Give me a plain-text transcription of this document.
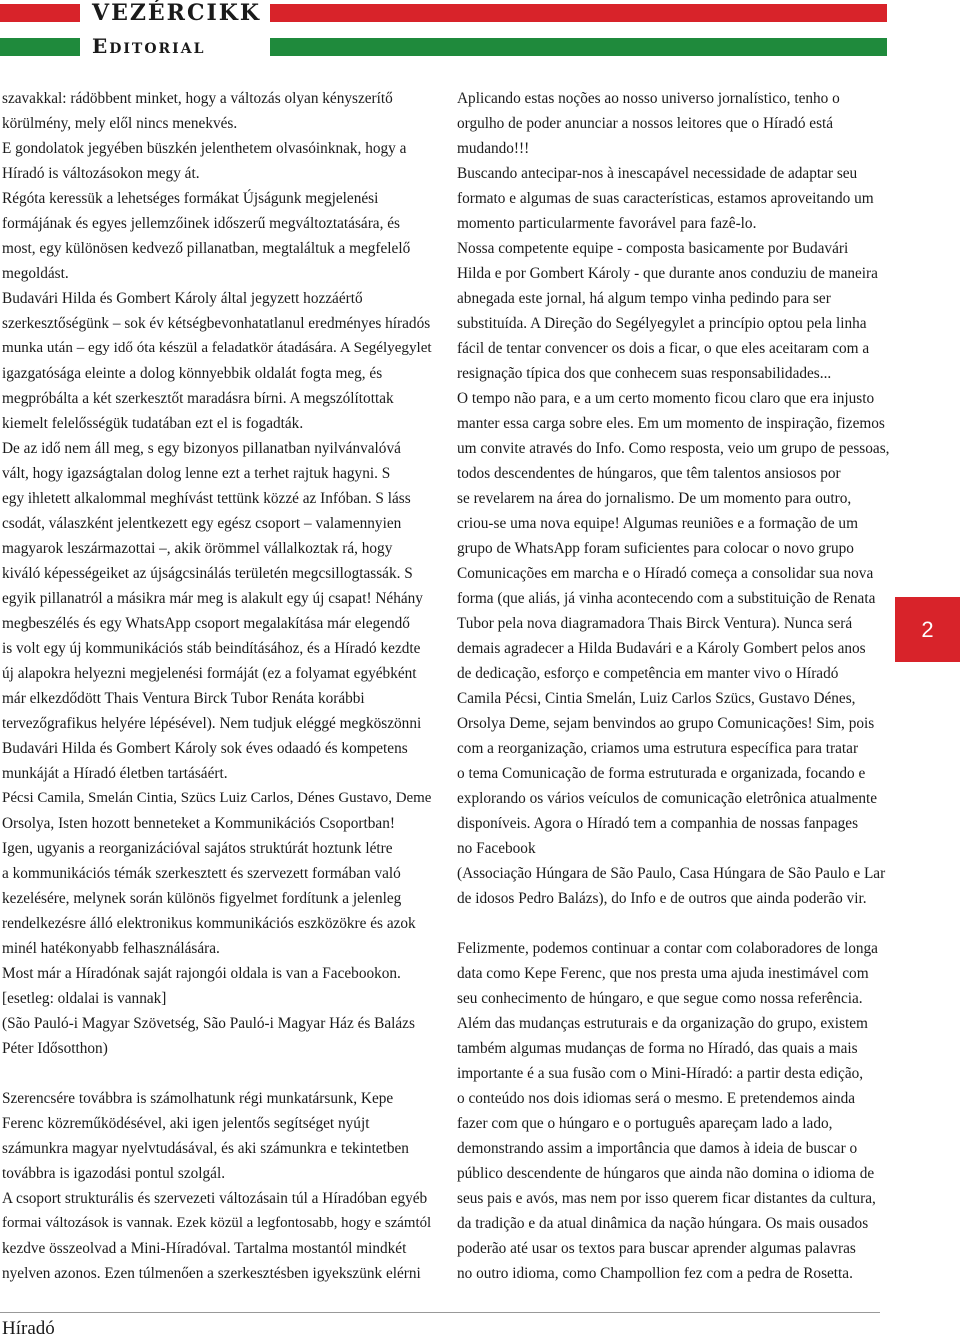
VEZÉRCIKK
Editorial
szavakkal: rádöbbent minket, hogy a változás olyan kényszerítő
körülmény, mely elől nincs menekvés.
E gondolatok jegyében büszkén jelenthetem olvasóinknak, hogy a
Híradó is változásokon megy át.
Régóta keressük a lehetséges formákat Újságunk megjelenési
formájának és egyes jellemzőinek időszerű megváltoztatására, és
most, egy különösen kedvező pillanatban, megtaláltuk a megfelelő
megoldást.
Budavári Hilda és Gombert Károly által jegyzett hozzáértő
szerkesztőségünk – sok év kétségbevonhatatlanul eredményes híradós
munka után – egy idő óta készül a feladatkör átadására. A Segélyegylet
igazgatósága eleinte a dolog könnyebbik oldalát fogta meg, és
megpróbálta a két szerkesztőt maradásra bírni. A megszólítottak
kiemelt felelősségük tudatában ezt el is fogadták.
De az idő nem áll meg, s egy bizonyos pillanatban nyilvánvalóvá
vált, hogy igazságtalan dolog lenne ezt a terhet rajtuk hagyni. S
egy ihletett alkalommal meghívást tettünk közzé az Infóban. S láss
csodát, válaszként jelentkezett egy egész csoport – valamennyien
magyarok leszármazottai –, akik örömmel vállalkoztak rá, hogy
kiváló képességeiket az újságcsinálás területén megcsillogtassák. S
egyik pillanatról a másikra már meg is alakult egy új csapat! Néhány
megbeszélés és egy WhatsApp csoport megalakítása már elegendő
is volt egy új kommunikációs stáb beindításához, és a Híradó kezdte
új alapokra helyezni megjelenési formáját (ez a folyamat egyébként
már elkezdődött Thais Ventura Birck Tubor Renáta korábbi
tervezőgrafikus helyére lépésével). Nem tudjuk eléggé megköszönni
Budavári Hilda és Gombert Károly sok éves odaadó és kompetens
munkáját a Híradó életben tartásáért.
Pécsi Camila, Smelán Cintia, Szücs Luiz Carlos, Dénes Gustavo, Deme
Orsolya, Isten hozott benneteket a Kommunikációs Csoportban!
Igen, ugyanis a reorganizációval sajátos struktúrát hoztunk létre
a kommunikációs témák szerkesztett és szervezett formában való
kezelésére, melynek során különös figyelmet fordítunk a jelenleg
rendelkezésre álló elektronikus kommunikációs eszközökre és azok
minél hatékonyabb felhasználására.
Most már a Híradónak saját rajongói oldala is van a Facebookon.
[esetleg: oldalai is vannak]
(São Pauló-i Magyar Szövetség, São Pauló-i Magyar Ház és Balázs
Péter Idősotthon)
Szerencsére továbbra is számolhatunk régi munkatársunk, Kepe
Ferenc közreműködésével, aki igen jelentős segítséget nyújt
számunkra magyar nyelvtudásával, és aki számunkra e tekintetben
továbbra is igazodási pontul szolgál.
A csoport strukturális és szervezeti változásain túl a Híradóban egyéb
formai változások is vannak. Ezek közül a legfontosabb, hogy e számtól
kezdve összeolvad a Mini-Híradóval. Tartalma mostantól mindkét
nyelven azonos. Ezen túlmenően a szerkesztésben igyekszünk elérni
Aplicando estas noções ao nosso universo jornalístico, tenho o
orgulho de poder anunciar a nossos leitores que o Híradó está
mudando!!!
Buscando antecipar-nos à inescapável necessidade de adaptar seu
formato e algumas de suas características, estamos aproveitando um
momento particularmente favorável para fazê-lo.
Nossa competente equipe - composta basicamente por Budavári
Hilda e por Gombert Károly - que durante anos conduziu de maneira
abnegada este jornal, há algum tempo vinha pedindo para ser
substituída. A Direção do Segélyegylet a princípio optou pela linha
fácil de tentar convencer os dois a ficar, o que eles aceitaram com a
resignação típica dos que conhecem suas responsabilidades...
O tempo não para, e a um certo momento ficou claro que era injusto
manter essa carga sobre eles. Em um momento de inspiração, fizemos
um convite através do Info. Como resposta, veio um grupo de pessoas,
todos descendentes de húngaros, que têm talentos ansiosos por
se revelarem na área do jornalismo. De um momento para outro,
criou-se uma nova equipe! Algumas reuniões e a formação de um
grupo de WhatsApp foram suficientes para colocar o novo grupo
Comunicações em marcha e o Híradó começa a consolidar sua nova
forma (que aliás, já vinha acontecendo com a substituição de Renata
Tubor pela nova diagramadora Thais Birck Ventura). Nunca será
demais agradecer a Hilda Budavári e a Károly Gombert pelos anos
de dedicação, esforço e competência em manter vivo o Híradó
Camila Pécsi, Cintia Smelán, Luiz Carlos Szücs, Gustavo Dénes,
Orsolya Deme, sejam benvindos ao grupo Comunicações! Sim, pois
com a reorganização, criamos uma estrutura específica para tratar
o tema Comunicação de forma estruturada e organizada, focando e
explorando os vários veículos de comunicação eletrônica atualmente
disponíveis. Agora o Híradó tem a companhia de nossas fanpages
no Facebook
(Associação Húngara de São Paulo, Casa Húngara de São Paulo e Lar
de idosos Pedro Balázs), do Info e de outros que ainda poderão vir.
Felizmente, podemos continuar a contar com colaboradores de longa
data como Kepe Ferenc, que nos presta uma ajuda inestimável com
seu conhecimento de húngaro, e que segue como nossa referência.
Além das mudanças estruturais e da organização do grupo, existem
também algumas mudanças de forma no Híradó, das quais a mais
importante é a sua fusão com o Mini-Híradó: a partir desta edição,
o conteúdo nos dois idiomas será o mesmo. E pretendemos ainda
fazer com que o húngaro e o português apareçam lado a lado,
demonstrando assim a importância que damos à ideia de buscar o
público descendente de húngaros que ainda não domina o idioma de
seus pais e avós, mas nem por isso querem ficar distantes da cultura,
da tradição e da atual dinâmica da nação húngara. Os mais ousados
poderão até usar os textos para buscar aprender algumas palavras
no outro idioma, como Champollion fez com a pedra de Rosetta.
2
Híradó
